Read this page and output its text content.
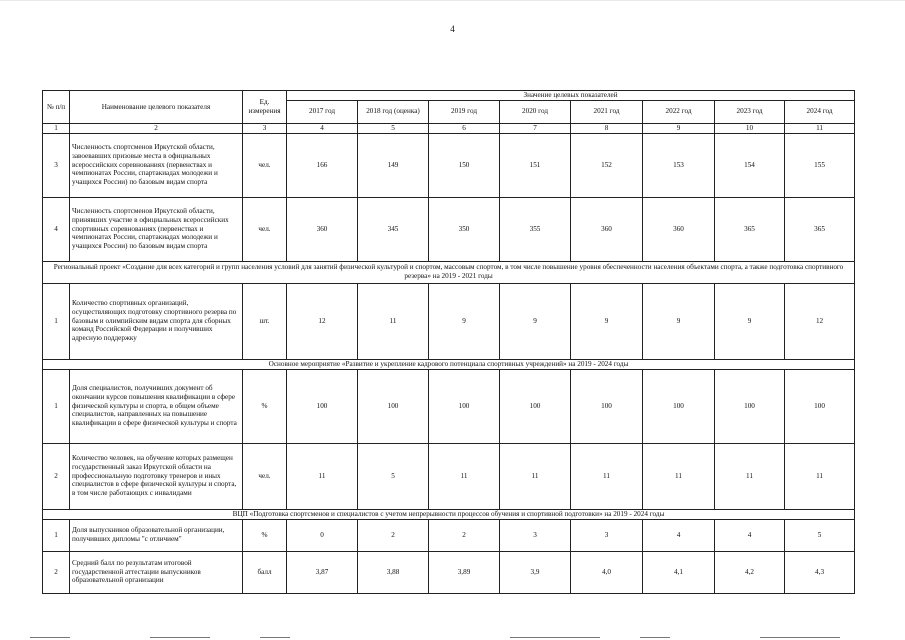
4
№ п/п	Наименование целевого показателя	Ед. измерения	Значение целевых показателей							
			2017 год	2018 год (оценка)	2019 год	2020 год	2021 год	2022 год	2023 год	2024 год
1	2	3	4	5	6	7	8	9	10	11
3	Численность спортсменов Иркутской области, завоевавших призовые места в официальных всероссийских соревнованиях (первенствах и чемпионатах России, спартакиадах молодежи и учащихся России) по базовым видам спорта	чел.	166	149	150	151	152	153	154	155
4	Численность спортсменов Иркутской области, принявших участие в официальных всероссийских спортивных соревнованиях (первенствах и чемпионатах России, спартакиадах молодежи и учащихся России) по базовым видам спорта	чел.	360	345	350	355	360	360	365	365
Региональный проект «Создание для всех категорий и групп населения условий для занятий физической культурой и спортом, массовым спортом, в том числе повышение уровня обеспеченности населения объектами спорта, а также подготовка спортивного резерва» на 2019 - 2021 годы										
1	Количество спортивных организаций, осуществляющих подготовку спортивного резерва по базовым и олимпийским видам спорта для сборных команд Российской Федерации и получивших адресную поддержку	шт.	12	11	9	9	9	9	9	12
Основное мероприятие «Развитие и укрепление кадрового потенциала спортивных учреждений» на 2019 - 2024 годы										
1	Доля специалистов, получивших документ об окончании курсов повышения квалификации в сфере физической культуры и спорта, в общем объеме специалистов, направленных на повышение квалификации в сфере физической культуры и спорта	%	100	100	100	100	100	100	100	100
2	Количество человек, на обучение которых размещен государственный заказ Иркутской области на профессиональную подготовку тренеров и иных специалистов в сфере физической культуры и спорта, в том числе работающих с инвалидами	чел.	11	5	11	11	11	11	11	11
ВЦП «Подготовка спортсменов и специалистов с учетом непрерывности процессов обучения и спортивной подготовки» на 2019 - 2024 годы										
1	Доля выпускников образовательной организации, получивших дипломы "с отличием"	%	0	2	2	3	3	4	4	5
2	Средний балл по результатам итоговой государственной аттестации выпускников образовательной организации	балл	3,87	3,88	3,89	3,9	4,0	4,1	4,2	4,3
